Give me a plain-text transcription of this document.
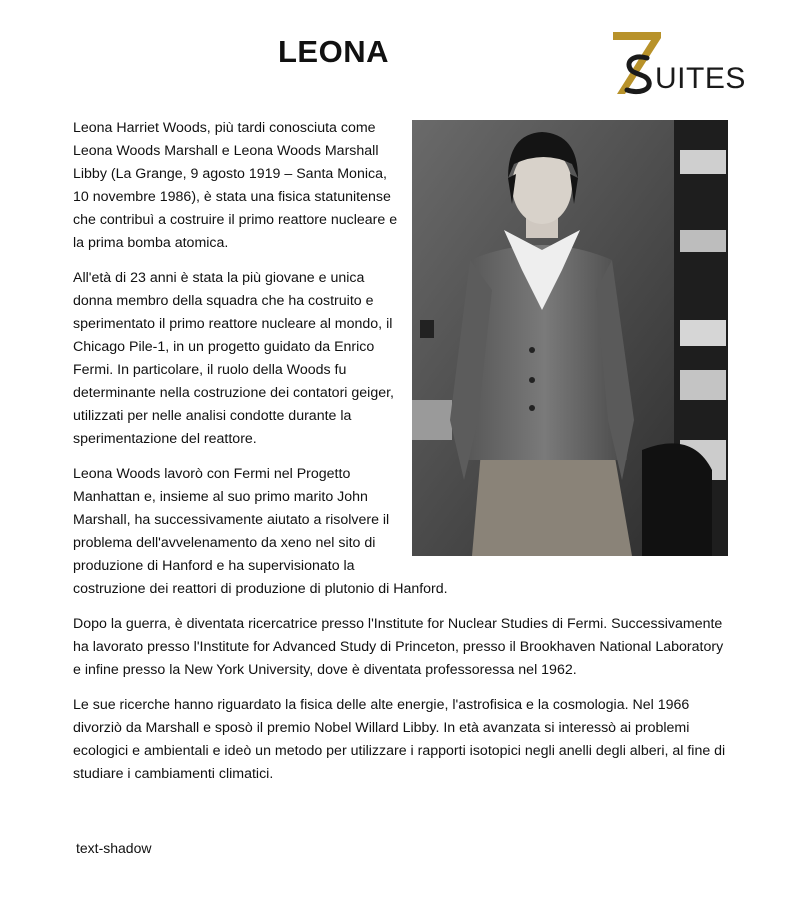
LEONA
UITES

Leona Harriet Woods, più tardi conosciuta come Leona Woods Marshall e Leona Woods Marshall Libby (La Grange, 9 agosto 1919 – Santa Monica, 10 novembre 1986), è stata una fisica statunitense che contribuì a costruire il primo reattore nucleare e la prima bomba atomica.

All'età di 23 anni è stata la più giovane e unica donna membro della squadra che ha costruito e sperimentato il primo reattore nucleare al mondo, il Chicago Pile-1, in un progetto guidato da Enrico Fermi. In particolare, il ruolo della Woods fu determinante nella costruzione dei contatori geiger, utilizzati per nelle analisi condotte durante la sperimentazione del reattore.

Leona Woods lavorò con Fermi nel Progetto Manhattan e, insieme al suo primo marito John Marshall, ha successivamente aiutato a risolvere il problema dell'avvelenamento da xeno nel sito di produzione di Hanford e ha supervisionato la costruzione dei reattori di produzione di plutonio di Hanford.

Dopo la guerra, è diventata ricercatrice presso l'Institute for Nuclear Studies di Fermi. Successivamente ha lavorato presso l'Institute for Advanced Study di Princeton, presso il Brookhaven National Laboratory e infine presso la New York University, dove è diventata professoressa nel 1962.

Le sue ricerche hanno riguardato la fisica delle alte energie, l'astrofisica e la cosmologia. Nel 1966 divorziò da Marshall e sposò il premio Nobel Willard Libby. In età avanzata si interessò ai problemi ecologici e ambientali e ideò un metodo per utilizzare i rapporti isotopici negli anelli degli alberi, al fine di studiare i cambiamenti climatici.

text-shadow
